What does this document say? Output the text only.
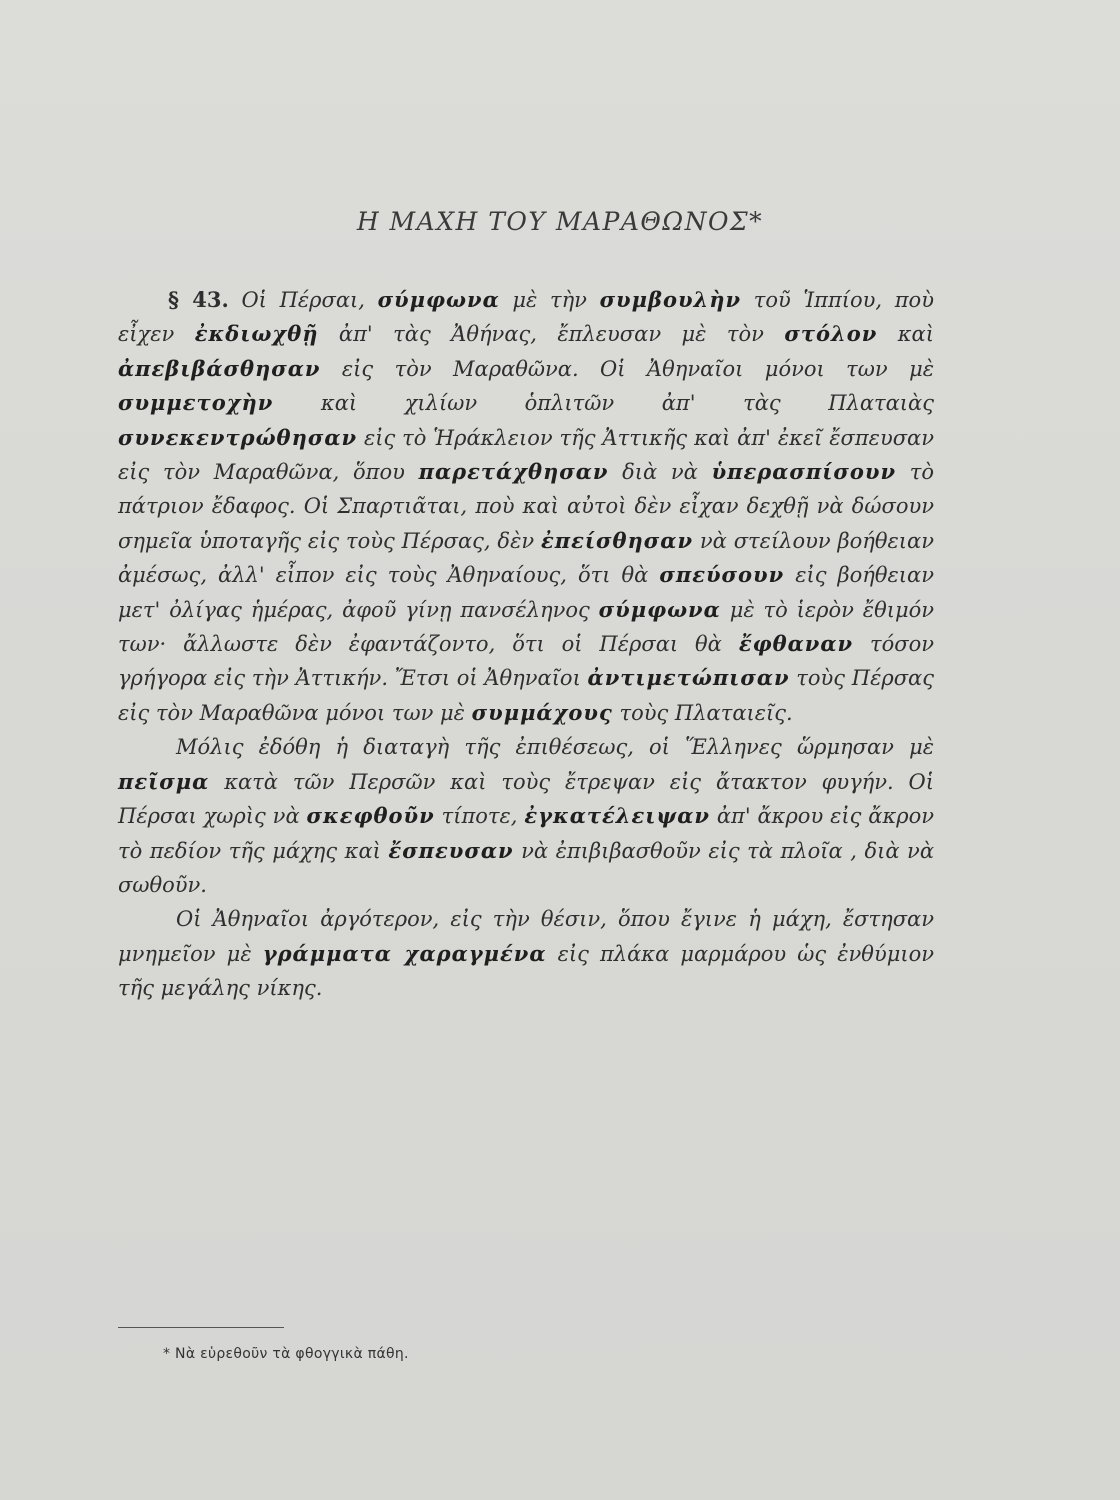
Η ΜΑΧΗ ΤΟΥ ΜΑΡΑΘΩΝΟΣ*

§ 43. Οἱ Πέρσαι, σύμφωνα μὲ τὴν συμβουλὴν τοῦ Ἱππίου, ποὺ εἶχεν ἐκδιωχθῇ ἀπ' τὰς Ἀθήνας, ἔπλευσαν μὲ τὸν στόλον καὶ ἀπεβιβάσθησαν εἰς τὸν Μαραθῶνα. Οἱ Ἀθηναῖοι μόνοι των μὲ συμμετοχὴν καὶ χιλίων ὁπλιτῶν ἀπ' τὰς Πλαταιὰς συνεκεντρώθησαν εἰς τὸ Ἡράκλειον τῆς Ἀττικῆς καὶ ἀπ' ἐκεῖ ἔσπευσαν εἰς τὸν Μαραθῶνα, ὅπου παρετάχθησαν διὰ νὰ ὑπερασπίσουν τὸ πάτριον ἔδαφος. Οἱ Σπαρτιᾶται, ποὺ καὶ αὐτοὶ δὲν εἶχαν δεχθῇ νὰ δώσουν σημεῖα ὑποταγῆς εἰς τοὺς Πέρσας, δὲν ἐπείσθησαν νὰ στείλουν βοήθειαν ἀμέσως, ἀλλ' εἶπον εἰς τοὺς Ἀθηναίους, ὅτι θὰ σπεύσουν εἰς βοήθειαν μετ' ὀλίγας ἡμέρας, ἀφοῦ γίνῃ πανσέληνος σύμφωνα μὲ τὸ ἱερὸν ἔθιμόν των· ἄλλωστε δὲν ἐφαντάζοντο, ὅτι οἱ Πέρσαι θὰ ἔφθαναν τόσον γρήγορα εἰς τὴν Ἀττικήν. Ἔτσι οἱ Ἀθηναῖοι ἀντιμετώπισαν τοὺς Πέρσας εἰς τὸν Μαραθῶνα μόνοι των μὲ συμμάχους τοὺς Πλαταιεῖς.

Μόλις ἐδόθη ἡ διαταγὴ τῆς ἐπιθέσεως, οἱ Ἕλληνες ὥρμησαν μὲ πεῖσμα κατὰ τῶν Περσῶν καὶ τοὺς ἔτρεψαν εἰς ἄτακτον φυγήν. Οἱ Πέρσαι χωρὶς νὰ σκεφθοῦν τίποτε, ἐγκατέλειψαν ἀπ' ἄκρου εἰς ἄκρον τὸ πεδίον τῆς μάχης καὶ ἔσπευσαν νὰ ἐπιβιβασθοῦν εἰς τὰ πλοῖα , διὰ νὰ σωθοῦν.

Οἱ Ἀθηναῖοι ἀργότερον, εἰς τὴν θέσιν, ὅπου ἔγινε ἡ μάχη, ἔστησαν μνημεῖον μὲ γράμματα χαραγμένα εἰς πλάκα μαρμάρου ὡς ἐνθύμιον τῆς μεγάλης νίκης.

* Νὰ εὑρεθοῦν τὰ φθογγικὰ πάθη.
